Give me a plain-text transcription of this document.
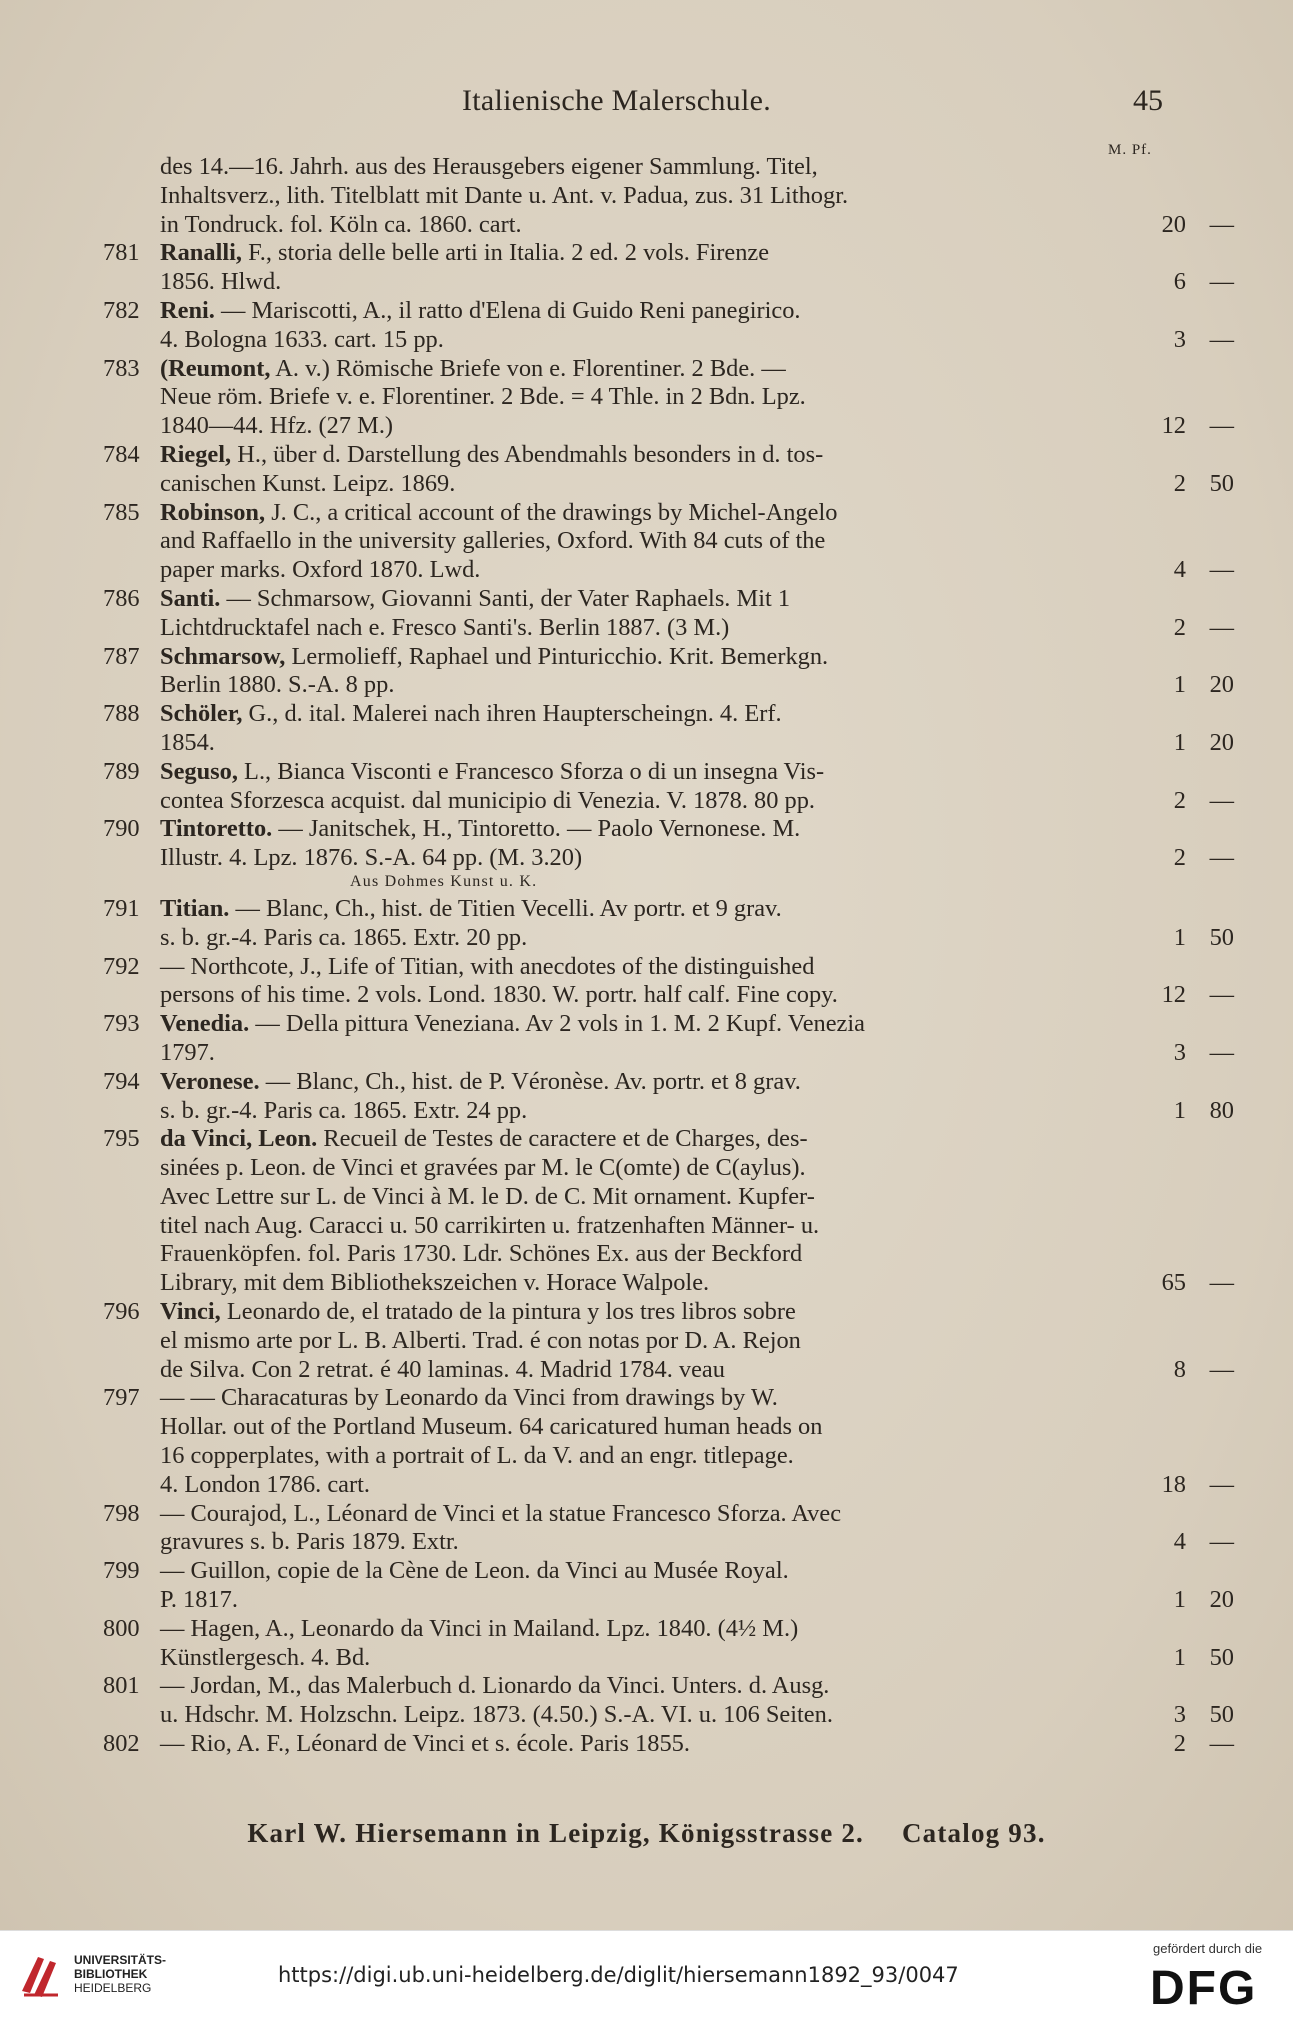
Italienische Malerschule.	45
M. Pf.
des 14.—16. Jahrh. aus des Herausgebers eigener Sammlung. Titel,
Inhaltsverz., lith. Titelblatt mit Dante u. Ant. v. Padua, zus. 31 Lithogr.
in Tondruck. fol. Köln ca. 1860. cart.	20 —
781 Ranalli, F., storia delle belle arti in Italia. 2 ed. 2 vols. Firenze
1856. Hlwd.	6 —
782 Reni. — Mariscotti, A., il ratto d'Elena di Guido Reni panegirico.
4. Bologna 1633. cart. 15 pp.	3 —
783 (Reumont, A. v.) Römische Briefe von e. Florentiner. 2 Bde. —
Neue röm. Briefe v. e. Florentiner. 2 Bde. = 4 Thle. in 2 Bdn. Lpz.
1840—44. Hfz. (27 M.)	12 —
784 Riegel, H., über d. Darstellung des Abendmahls besonders in d. tos-
canischen Kunst. Leipz. 1869.	2 50
785 Robinson, J. C., a critical account of the drawings by Michel-Angelo
and Raffaello in the university galleries, Oxford. With 84 cuts of the
paper marks. Oxford 1870. Lwd.	4 —
786 Santi. — Schmarsow, Giovanni Santi, der Vater Raphaels. Mit 1
Lichtdrucktafel nach e. Fresco Santi's. Berlin 1887. (3 M.)	2 —
787 Schmarsow, Lermolieff, Raphael und Pinturicchio. Krit. Bemerkgn.
Berlin 1880. S.-A. 8 pp.	1 20
788 Schöler, G., d. ital. Malerei nach ihren Haupterscheingn. 4. Erf.
1854.	1 20
789 Seguso, L., Bianca Visconti e Francesco Sforza o di un insegna Vis-
contea Sforzesca acquist. dal municipio di Venezia. V. 1878. 80 pp.	2 —
790 Tintoretto. — Janitschek, H., Tintoretto. — Paolo Vernonese. M.
Illustr. 4. Lpz. 1876. S.-A. 64 pp. (M. 3.20)	2 —
Aus Dohmes Kunst u. K.
791 Titian. — Blanc, Ch., hist. de Titien Vecelli. Av portr. et 9 grav.
s. b. gr.-4. Paris ca. 1865. Extr. 20 pp.	1 50
792 — Northcote, J., Life of Titian, with anecdotes of the distinguished
persons of his time. 2 vols. Lond. 1830. W. portr. half calf. Fine copy.	12 —
793 Venedia. — Della pittura Veneziana. Av 2 vols in 1. M. 2 Kupf. Venezia
1797.	3 —
794 Veronese. — Blanc, Ch., hist. de P. Véronèse. Av. portr. et 8 grav.
s. b. gr.-4. Paris ca. 1865. Extr. 24 pp.	1 80
795 da Vinci, Leon. Recueil de Testes de caractere et de Charges, des-
sinées p. Leon. de Vinci et gravées par M. le C(omte) de C(aylus).
Avec Lettre sur L. de Vinci à M. le D. de C. Mit ornament. Kupfer-
titel nach Aug. Caracci u. 50 carrikirten u. fratzenhaften Männer- u.
Frauenköpfen. fol. Paris 1730. Ldr. Schönes Ex. aus der Beckford
Library, mit dem Bibliothekszeichen v. Horace Walpole.	65 —
796 Vinci, Leonardo de, el tratado de la pintura y los tres libros sobre
el mismo arte por L. B. Alberti. Trad. é con notas por D. A. Rejon
de Silva. Con 2 retrat. é 40 laminas. 4. Madrid 1784. veau	8 —
797 — — Characaturas by Leonardo da Vinci from drawings by W.
Hollar. out of the Portland Museum. 64 caricatured human heads on
16 copperplates, with a portrait of L. da V. and an engr. titlepage.
4. London 1786. cart.	18 —
798 — Courajod, L., Léonard de Vinci et la statue Francesco Sforza. Avec
gravures s. b. Paris 1879. Extr.	4 —
799 — Guillon, copie de la Cène de Leon. da Vinci au Musée Royal.
P. 1817.	1 20
800 — Hagen, A., Leonardo da Vinci in Mailand. Lpz. 1840. (4½ M.)
Künstlergesch. 4. Bd.	1 50
801 — Jordan, M., das Malerbuch d. Lionardo da Vinci. Unters. d. Ausg.
u. Hdschr. M. Holzschn. Leipz. 1873. (4.50.) S.-A. VI. u. 106 Seiten.	3 50
802 — Rio, A. F., Léonard de Vinci et s. école. Paris 1855.	2 —
Karl W. Hiersemann in Leipzig, Königsstrasse 2. Catalog 93.
UNIVERSITÄTS-
BIBLIOTHEK
HEIDELBERG
https://digi.ub.uni-heidelberg.de/diglit/hiersemann1892_93/0047
gefördert durch die
DFG
